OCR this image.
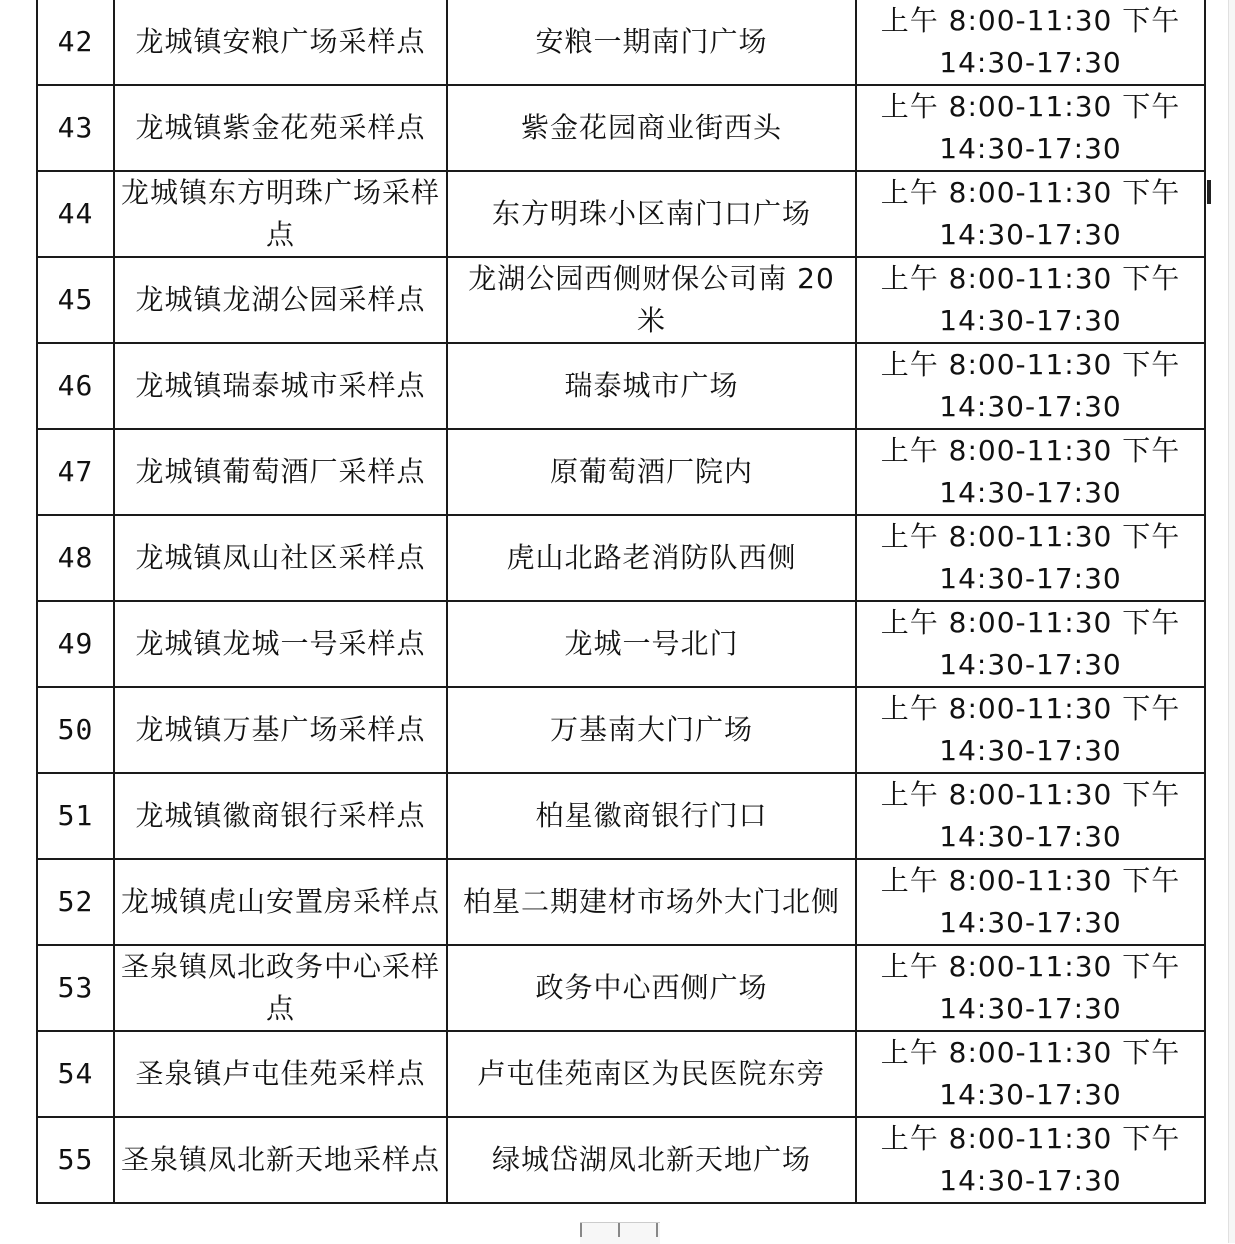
42	龙城镇安粮广场采样点	安粮一期南门广场	上午 8:00-11:30 下午
14:30-17:30

43	龙城镇紫金花苑采样点	紫金花园商业街西头	上午 8:00-11:30 下午
14:30-17:30

44	龙城镇东方明珠广场采样点	东方明珠小区南门口广场	上午 8:00-11:30 下午
14:30-17:30

45	龙城镇龙湖公园采样点	龙湖公园西侧财保公司南 20 米	上午 8:00-11:30 下午
14:30-17:30

46	龙城镇瑞泰城市采样点	瑞泰城市广场	上午 8:00-11:30 下午
14:30-17:30

47	龙城镇葡萄酒厂采样点	原葡萄酒厂院内	上午 8:00-11:30 下午
14:30-17:30

48	龙城镇凤山社区采样点	虎山北路老消防队西侧	上午 8:00-11:30 下午
14:30-17:30

49	龙城镇龙城一号采样点	龙城一号北门	上午 8:00-11:30 下午
14:30-17:30

50	龙城镇万基广场采样点	万基南大门广场	上午 8:00-11:30 下午
14:30-17:30

51	龙城镇徽商银行采样点	柏星徽商银行门口	上午 8:00-11:30 下午
14:30-17:30

52	龙城镇虎山安置房采样点	柏星二期建材市场外大门北侧	上午 8:00-11:30 下午
14:30-17:30

53	圣泉镇凤北政务中心采样点	政务中心西侧广场	上午 8:00-11:30 下午
14:30-17:30

54	圣泉镇卢屯佳苑采样点	卢屯佳苑南区为民医院东旁	上午 8:00-11:30 下午
14:30-17:30

55	圣泉镇凤北新天地采样点	绿城岱湖凤北新天地广场	上午 8:00-11:30 下午
14:30-17:30
